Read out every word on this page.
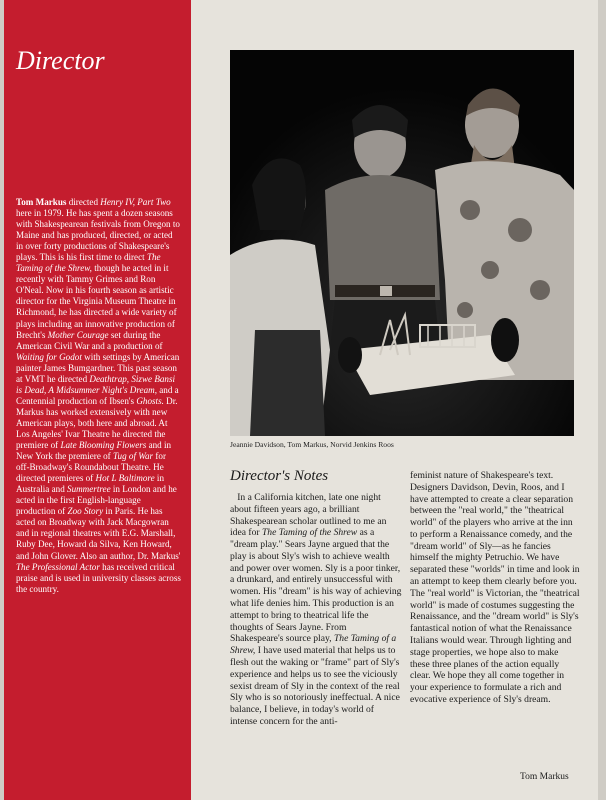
Director

Tom Markus directed Henry IV, Part Two here in 1979. He has spent a dozen seasons with Shakespearean festivals from Oregon to Maine and has produced, directed, or acted in over forty productions of Shakespeare's plays. This is his first time to direct The Taming of the Shrew, though he acted in it recently with Tammy Grimes and Ron O'Neal. Now in his fourth season as artistic director for the Virginia Museum Theatre in Richmond, he has directed a wide variety of plays including an innovative production of Brecht's Mother Courage set during the American Civil War and a production of Waiting for Godot with settings by American painter James Bumgardner. This past season at VMT he directed Deathtrap, Sizwe Bansi is Dead, A Midsummer Night's Dream, and a Centennial production of Ibsen's Ghosts. Dr. Markus has worked extensively with new American plays, both here and abroad. At Los Angeles' Ivar Theatre he directed the premiere of Late Blooming Flowers and in New York the premiere of Tug of War for off-Broadway's Roundabout Theatre. He directed premieres of Hot L Baltimore in Australia and Summertree in London and he acted in the first English-language production of Zoo Story in Paris. He has acted on Broadway with Jack Macgowran and in regional theatres with E.G. Marshall, Ruby Dee, Howard da Silva, Ken Howard, and John Glover. Also an author, Dr. Markus' The Professional Actor has received critical praise and is used in university classes across the country.

Jeannie Davidson, Tom Markus, Norvid Jenkins Roos
Director's Notes

In a California kitchen, late one night about fifteen years ago, a brilliant Shakespearean scholar outlined to me an idea for The Taming of the Shrew as a "dream play." Sears Jayne argued that the play is about Sly's wish to achieve wealth and power over women. Sly is a poor tinker, a drunkard, and entirely unsuccessful with women. His "dream" is his way of achieving what life denies him. This production is an attempt to bring to theatrical life the thoughts of Sears Jayne. From Shakespeare's source play, The Taming of a Shrew, I have used material that helps us to flesh out the waking or "frame" part of Sly's experience and helps us to see the viciously sexist dream of Sly in the context of the real Sly who is so notoriously ineffectual. A nice balance, I believe, in today's world of intense concern for the anti-

feminist nature of Shakespeare's text. Designers Davidson, Devin, Roos, and I have attempted to create a clear separation between the "real world," the "theatrical world" of the players who arrive at the inn to perform a Renaissance comedy, and the "dream world" of Sly—as he fancies himself the mighty Petruchio. We have separated these "worlds" in time and look in an attempt to keep them clearly before you. The "real world" is Victorian, the "theatrical world" is made of costumes suggesting the Renaissance, and the "dream world" is Sly's fantastical notion of what the Renaissance Italians would wear. Through lighting and stage properties, we hope also to make these three planes of the action equally clear. We hope they all come together in your experience to formulate a rich and evocative experience of Sly's dream.

Tom Markus
